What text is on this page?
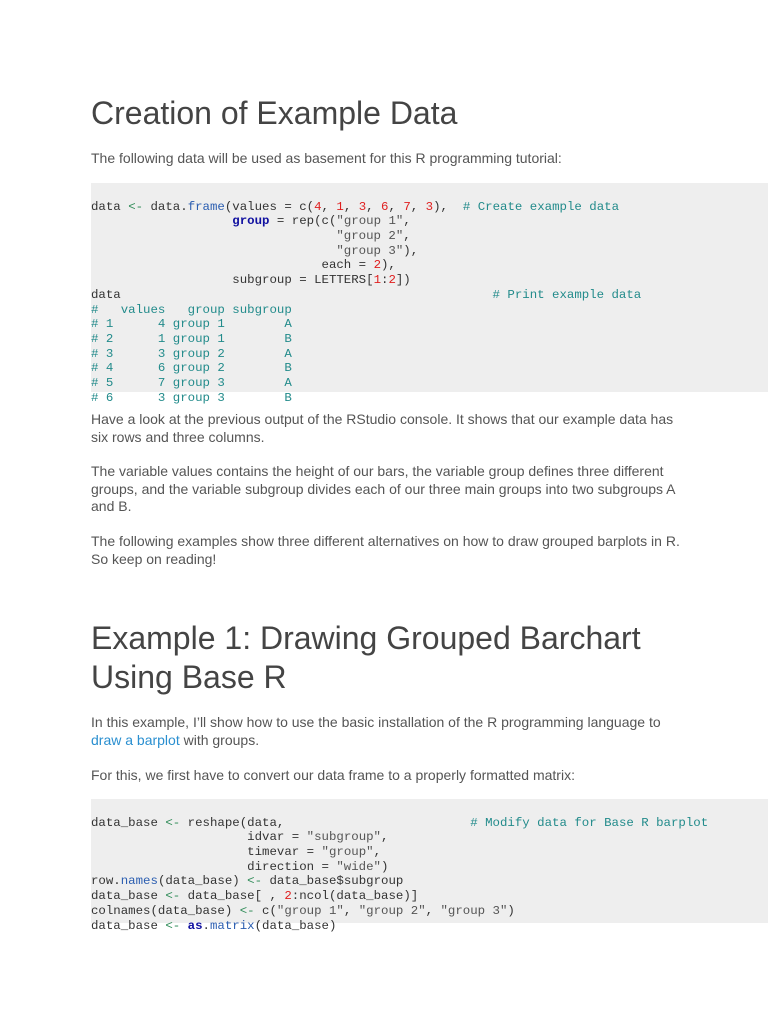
Creation of Example Data

The following data will be used as basement for this R programming tutorial:

data <- data.frame(values = c(4, 1, 3, 6, 7, 3),  # Create example data
group = rep(c("group 1",
"group 2",
"group 3"),
each = 2),
subgroup = LETTERS[1:2])
data                                                  # Print example data
#   values   group subgroup
# 1      4 group 1        A
# 2      1 group 1        B
# 3      3 group 2        A
# 4      6 group 2        B
# 5      7 group 3        A
# 6      3 group 3        B

Have a look at the previous output of the RStudio console. It shows that our example data has six rows and three columns.

The variable values contains the height of our bars, the variable group defines three different groups, and the variable subgroup divides each of our three main groups into two subgroups A and B.

The following examples show three different alternatives on how to draw grouped barplots in R. So keep on reading!

Example 1: Drawing Grouped Barchart
Using Base R

In this example, I’ll show how to use the basic installation of the R programming language to draw a barplot with groups.

For this, we first have to convert our data frame to a properly formatted matrix:

data_base <- reshape(data,                         # Modify data for Base R barplot
idvar = "subgroup",
timevar = "group",
direction = "wide")
row.names(data_base) <- data_base$subgroup
data_base <- data_base[ , 2:ncol(data_base)]
colnames(data_base) <- c("group 1", "group 2", "group 3")
data_base <- as.matrix(data_base)
